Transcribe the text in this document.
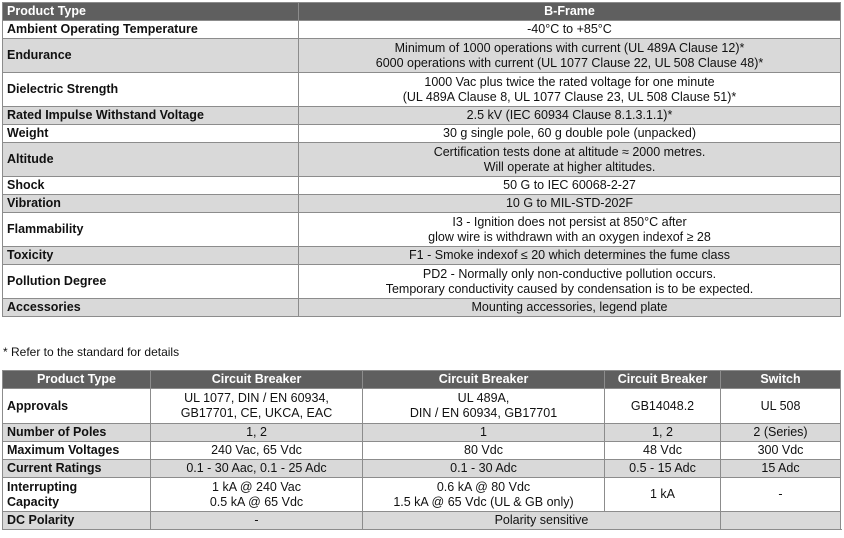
Product Type	B-Frame
Ambient Operating Temperature	-40°C to +85°C

Endurance	Minimum of 1000 operations with current (UL 489A Clause 12)*
6000 operations with current (UL 1077 Clause 22, UL 508 Clause 48)*

Dielectric Strength	1000 Vac plus twice the rated voltage for one minute
(UL 489A Clause 8, UL 1077 Clause 23, UL 508 Clause 51)*

Rated Impulse Withstand Voltage	2.5 kV (IEC 60934 Clause 8.1.3.1.1)*

Weight	30 g single pole, 60 g double pole (unpacked)

Altitude	Certification tests done at altitude ≈ 2000 metres.
Will operate at higher altitudes.

Shock	50 G to IEC 60068-2-27

Vibration	10 G to MIL-STD-202F

Flammability	I3 - Ignition does not persist at 850°C after
glow wire is withdrawn with an oxygen indexof ≥ 28

Toxicity	F1 - Smoke indexof ≤ 20 which determines the fume class

Pollution Degree	PD2 - Normally only non-conductive pollution occurs.
Temporary conductivity caused by condensation is to be expected.

Accessories	Mounting accessories, legend plate
* Refer to the standard for details
Product Type	Circuit Breaker	Circuit Breaker	Circuit Breaker	Switch
Approvals	UL 1077, DIN / EN 60934,
GB17701, CE, UKCA, EAC	UL 489A,
DIN / EN 60934, GB17701	GB14048.2	UL 508
Number of Poles	1, 2	1	1, 2	2 (Series)
Maximum Voltages	240 Vac, 65 Vdc	80 Vdc	48 Vdc	300 Vdc
Current Ratings	0.1 - 30 Aac, 0.1 - 25 Adc	0.1 - 30 Adc	0.5 - 15 Adc	15 Adc

Interrupting
Capacity	1 kA @ 240 Vac
0.5 kA @ 65 Vdc	0.6 kA @ 80 Vdc
1.5 kA @ 65 Vdc (UL & GB only)	1 kA	-
DC Polarity	-	Polarity sensitive		
